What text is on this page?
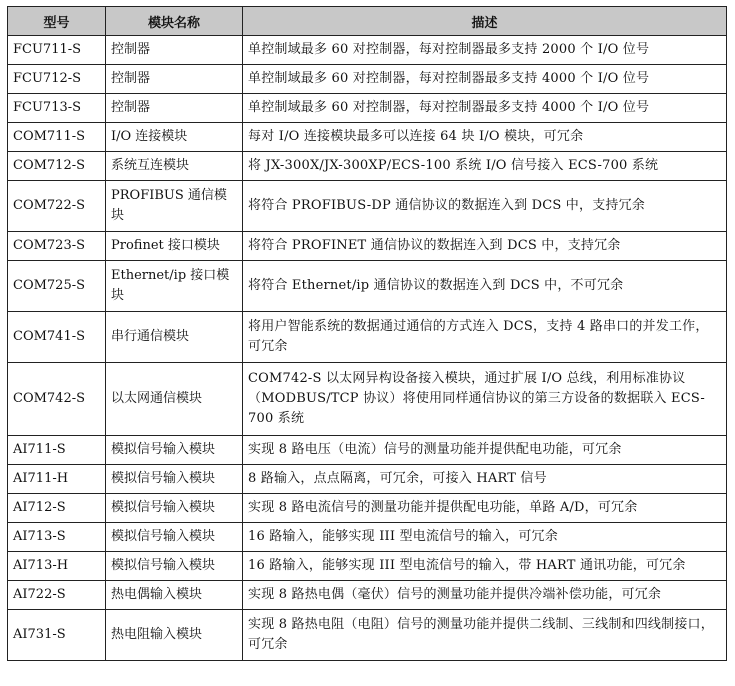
型号	模块名称	描述
FCU711-S	控制器	单控制域最多 60 对控制器，每对控制器最多支持 2000 个 I/O 位号
FCU712-S	控制器	单控制域最多 60 对控制器，每对控制器最多支持 4000 个 I/O 位号
FCU713-S	控制器	单控制域最多 60 对控制器，每对控制器最多支持 4000 个 I/O 位号
COM711-S	I/O 连接模块	每对 I/O 连接模块最多可以连接 64 块 I/O 模块，可冗余
COM712-S	系统互连模块	将 JX-300X/JX-300XP/ECS-100 系统 I/O 信号接入 ECS-700 系统
COM722-S	PROFIBUS 通信模块	将符合 PROFIBUS-DP 通信协议的数据连入到 DCS 中，支持冗余
COM723-S	Profinet 接口模块	将符合 PROFINET 通信协议的数据连入到 DCS 中，支持冗余
COM725-S	Ethernet/ip 接口模块	将符合 Ethernet/ip 通信协议的数据连入到 DCS 中，不可冗余
COM741-S	串行通信模块	将用户智能系统的数据通过通信的方式连入 DCS，支持 4 路串口的并发工作，可冗余
COM742-S	以太网通信模块	COM742-S 以太网异构设备接入模块，通过扩展 I/O 总线，利用标准协议（MODBUS/TCP 协议）将使用同样通信协议的第三方设备的数据联入 ECS-700 系统
AI711-S	模拟信号输入模块	实现 8 路电压（电流）信号的测量功能并提供配电功能，可冗余
AI711-H	模拟信号输入模块	8 路输入，点点隔离，可冗余，可接入 HART 信号
AI712-S	模拟信号输入模块	实现 8 路电流信号的测量功能并提供配电功能，单路 A/D，可冗余
AI713-S	模拟信号输入模块	16 路输入，能够实现 III 型电流信号的输入，可冗余
AI713-H	模拟信号输入模块	16 路输入，能够实现 III 型电流信号的输入，带 HART 通讯功能，可冗余
AI722-S	热电偶输入模块	实现 8 路热电偶（毫伏）信号的测量功能并提供冷端补偿功能，可冗余
AI731-S	热电阻输入模块	实现 8 路热电阻（电阻）信号的测量功能并提供二线制、三线制和四线制接口，可冗余
